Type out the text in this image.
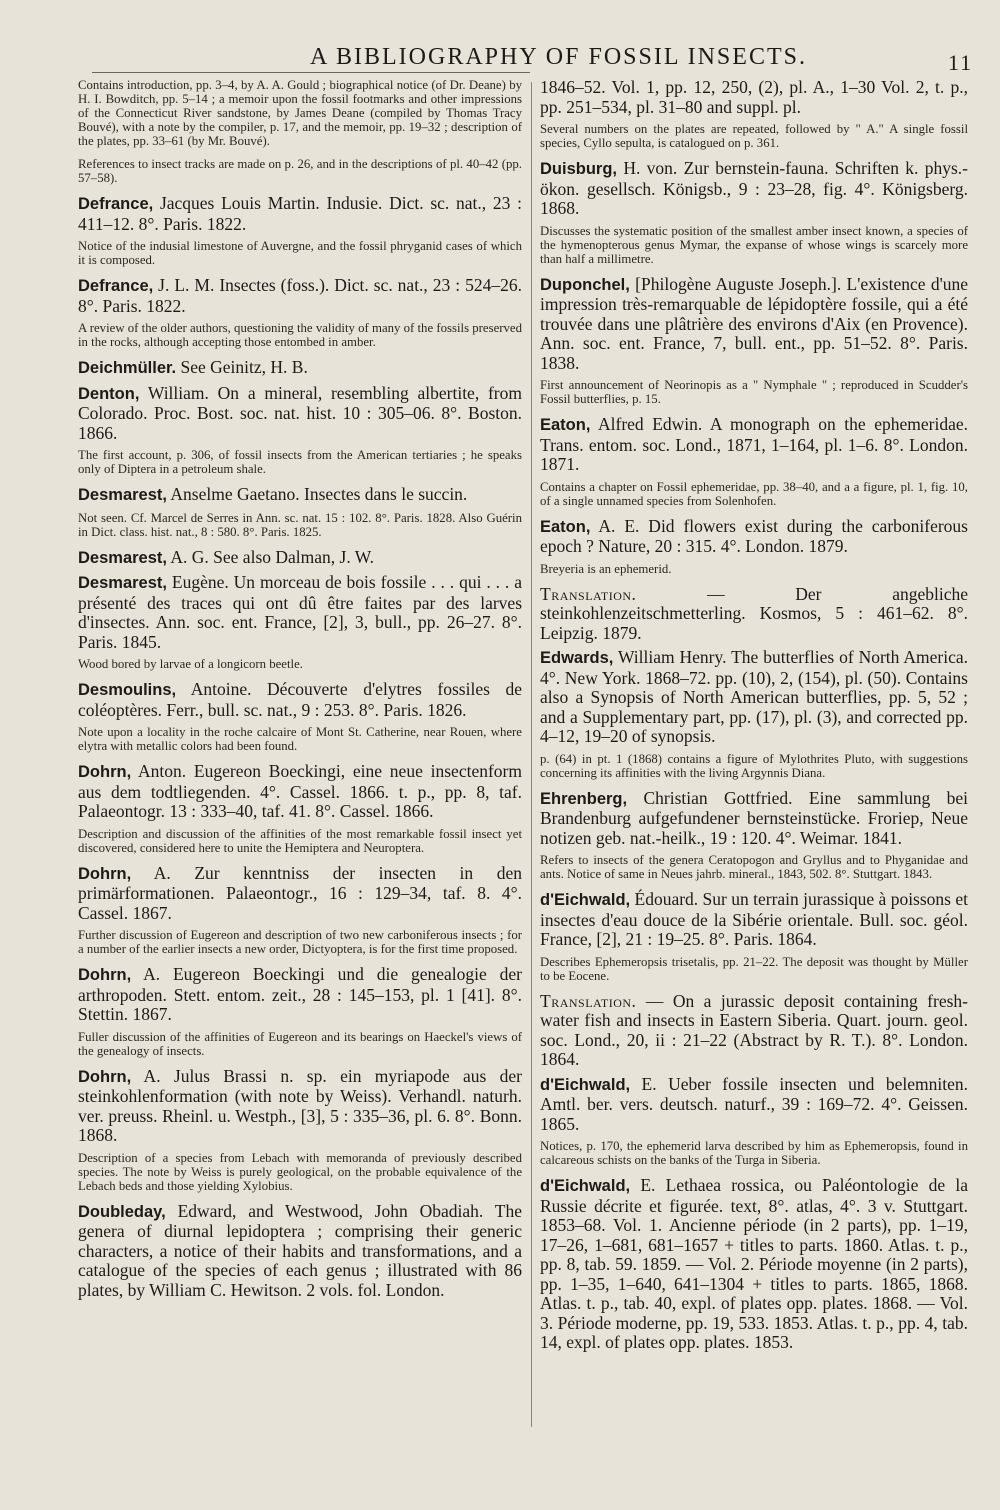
A BIBLIOGRAPHY OF FOSSIL INSECTS.	11

Contains introduction, pp. 3–4, by A. A. Gould ; biographical notice (of Dr. Deane) by H. I. Bowditch, pp. 5–14 ; a memoir upon the fossil footmarks and other impressions of the Connecticut River sandstone, by James Deane (compiled by Thomas Tracy Bouvé), with a note by the compiler, p. 17, and the memoir, pp. 19–32 ; description of the plates, pp. 33–61 (by Mr. Bouvé).

References to insect tracks are made on p. 26, and in the descriptions of pl. 40–42 (pp. 57–58).

Defrance, Jacques Louis Martin. Indusie. Dict. sc. nat., 23 : 411–12. 8°. Paris. 1822.

Notice of the indusial limestone of Auvergne, and the fossil phryganid cases of which it is composed.

Defrance, J. L. M. Insectes (foss.). Dict. sc. nat., 23 : 524–26. 8°. Paris. 1822.

A review of the older authors, questioning the validity of many of the fossils preserved in the rocks, although accepting those entombed in amber.

Deichmüller. See Geinitz, H. B.

Denton, William. On a mineral, resembling albertite, from Colorado. Proc. Bost. soc. nat. hist. 10 : 305–06. 8°. Boston. 1866.

The first account, p. 306, of fossil insects from the American tertiaries ; he speaks only of Diptera in a petroleum shale.

Desmarest, Anselme Gaetano. Insectes dans le succin.

Not seen. Cf. Marcel de Serres in Ann. sc. nat. 15 : 102. 8°. Paris. 1828. Also Guérin in Dict. class. hist. nat., 8 : 580. 8°. Paris. 1825.

Desmarest, A. G. See also Dalman, J. W.

Desmarest, Eugène. Un morceau de bois fossile . . . qui . . . a présenté des traces qui ont dû être faites par des larves d'insectes. Ann. soc. ent. France, [2], 3, bull., pp. 26–27. 8°. Paris. 1845.

Wood bored by larvae of a longicorn beetle.

Desmoulins, Antoine. Découverte d'elytres fossiles de coléoptères. Ferr., bull. sc. nat., 9 : 253. 8°. Paris. 1826.

Note upon a locality in the roche calcaire of Mont St. Catherine, near Rouen, where elytra with metallic colors had been found.

Dohrn, Anton. Eugereon Boeckingi, eine neue insectenform aus dem todtliegenden. 4°. Cassel. 1866. t. p., pp. 8, taf. Palaeontogr. 13 : 333–40, taf. 41. 8°. Cassel. 1866.

Description and discussion of the affinities of the most remarkable fossil insect yet discovered, considered here to unite the Hemiptera and Neuroptera.

Dohrn, A. Zur kenntniss der insecten in den primärformationen. Palaeontogr., 16 : 129–34, taf. 8. 4°. Cassel. 1867.

Further discussion of Eugereon and description of two new carboniferous insects ; for a number of the earlier insects a new order, Dictyoptera, is for the first time proposed.

Dohrn, A. Eugereon Boeckingi und die genealogie der arthropoden. Stett. entom. zeit., 28 : 145–153, pl. 1 [41]. 8°. Stettin. 1867.

Fuller discussion of the affinities of Eugereon and its bearings on Haeckel's views of the genealogy of insects.

Dohrn, A. Julus Brassi n. sp. ein myriapode aus der steinkohlenformation (with note by Weiss). Verhandl. naturh. ver. preuss. Rheinl. u. Westph., [3], 5 : 335–36, pl. 6. 8°. Bonn. 1868.

Description of a species from Lebach with memoranda of previously described species. The note by Weiss is purely geological, on the probable equivalence of the Lebach beds and those yielding Xylobius.

Doubleday, Edward, and Westwood, John Obadiah. The genera of diurnal lepidoptera ; comprising their generic characters, a notice of their habits and transformations, and a catalogue of the species of each genus ; illustrated with 86 plates, by William C. Hewitson. 2 vols. fol. London.

1846–52. Vol. 1, pp. 12, 250, (2), pl. A., 1–30 Vol. 2, t. p., pp. 251–534, pl. 31–80 and suppl. pl.

Several numbers on the plates are repeated, followed by " A." A single fossil species, Cyllo sepulta, is catalogued on p. 361.

Duisburg, H. von. Zur bernstein-fauna. Schriften k. phys.-ökon. gesellsch. Königsb., 9 : 23–28, fig. 4°. Königsberg. 1868.

Discusses the systematic position of the smallest amber insect known, a species of the hymenopterous genus Mymar, the expanse of whose wings is scarcely more than half a millimetre.

Duponchel, [Philogène Auguste Joseph.]. L'existence d'une impression très-remarquable de lépidoptère fossile, qui a été trouvée dans une plâtrière des environs d'Aix (en Provence). Ann. soc. ent. France, 7, bull. ent., pp. 51–52. 8°. Paris. 1838.

First announcement of Neorinopis as a " Nymphale " ; reproduced in Scudder's Fossil butterflies, p. 15.

Eaton, Alfred Edwin. A monograph on the ephemeridae. Trans. entom. soc. Lond., 1871, 1–164, pl. 1–6. 8°. London. 1871.

Contains a chapter on Fossil ephemeridae, pp. 38–40, and a a figure, pl. 1, fig. 10, of a single unnamed species from Solenhofen.

Eaton, A. E. Did flowers exist during the carboniferous epoch ? Nature, 20 : 315. 4°. London. 1879.

Breyeria is an ephemerid.

Translation. — Der angebliche steinkohlenzeitschmetterling. Kosmos, 5 : 461–62. 8°. Leipzig. 1879.

Edwards, William Henry. The butterflies of North America. 4°. New York. 1868–72. pp. (10), 2, (154), pl. (50). Contains also a Synopsis of North American butterflies, pp. 5, 52 ; and a Supplementary part, pp. (17), pl. (3), and corrected pp. 4–12, 19–20 of synopsis.

p. (64) in pt. 1 (1868) contains a figure of Mylothrites Pluto, with suggestions concerning its affinities with the living Argynnis Diana.

Ehrenberg, Christian Gottfried. Eine sammlung bei Brandenburg aufgefundener bernsteinstücke. Froriep, Neue notizen geb. nat.-heilk., 19 : 120. 4°. Weimar. 1841.

Refers to insects of the genera Ceratopogon and Gryllus and to Phyganidae and ants. Notice of same in Neues jahrb. mineral., 1843, 502. 8°. Stuttgart. 1843.

d'Eichwald, Édouard. Sur un terrain jurassique à poissons et insectes d'eau douce de la Sibérie orientale. Bull. soc. géol. France, [2], 21 : 19–25. 8°. Paris. 1864.

Describes Ephemeropsis trisetalis, pp. 21–22. The deposit was thought by Müller to be Eocene.

Translation. — On a jurassic deposit containing fresh-water fish and insects in Eastern Siberia. Quart. journ. geol. soc. Lond., 20, ii : 21–22 (Abstract by R. T.). 8°. London. 1864.

d'Eichwald, E. Ueber fossile insecten und belemniten. Amtl. ber. vers. deutsch. naturf., 39 : 169–72. 4°. Geissen. 1865.

Notices, p. 170, the ephemerid larva described by him as Ephemeropsis, found in calcareous schists on the banks of the Turga in Siberia.

d'Eichwald, E. Lethaea rossica, ou Paléontologie de la Russie décrite et figurée. text, 8°. atlas, 4°. 3 v. Stuttgart. 1853–68. Vol. 1. Ancienne période (in 2 parts), pp. 1–19, 17–26, 1–681, 681–1657 + titles to parts. 1860. Atlas. t. p., pp. 8, tab. 59. 1859. — Vol. 2. Période moyenne (in 2 parts), pp. 1–35, 1–640, 641–1304 + titles to parts. 1865, 1868. Atlas. t. p., tab. 40, expl. of plates opp. plates. 1868. — Vol. 3. Période moderne, pp. 19, 533. 1853. Atlas. t. p., pp. 4, tab. 14, expl. of plates opp. plates. 1853.
